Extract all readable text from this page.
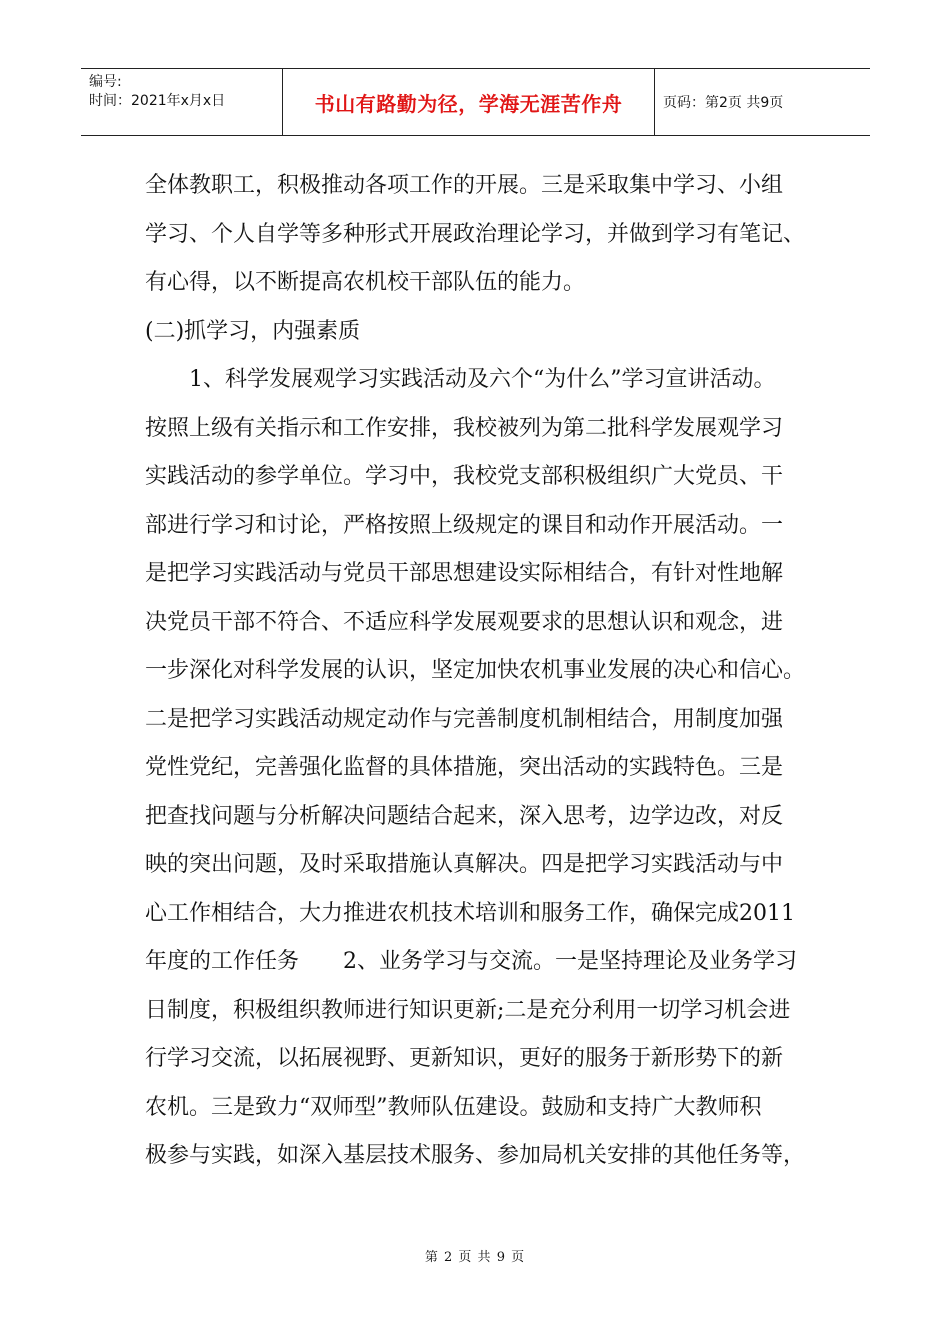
编号:
时间：2021年x月x日	书山有路勤为径，学海无涯苦作舟	页码：第2页 共9页
全体教职工，积极推动各项工作的开展。三是采取集中学习、小组
学习、个人自学等多种形式开展政治理论学习，并做到学习有笔记、
有心得，以不断提高农机校干部队伍的能力。
(二)抓学习，内强素质
　　1、科学发展观学习实践活动及六个“为什么”学习宣讲活动。
按照上级有关指示和工作安排，我校被列为第二批科学发展观学习
实践活动的参学单位。学习中，我校党支部积极组织广大党员、干
部进行学习和讨论，严格按照上级规定的课目和动作开展活动。一
是把学习实践活动与党员干部思想建设实际相结合，有针对性地解
决党员干部不符合、不适应科学发展观要求的思想认识和观念，进
一步深化对科学发展的认识，坚定加快农机事业发展的决心和信心。
二是把学习实践活动规定动作与完善制度机制相结合，用制度加强
党性党纪，完善强化监督的具体措施，突出活动的实践特色。三是
把查找问题与分析解决问题结合起来，深入思考，边学边改，对反
映的突出问题，及时采取措施认真解决。四是把学习实践活动与中
心工作相结合，大力推进农机技术培训和服务工作，确保完成2011
年度的工作任务　　2、业务学习与交流。一是坚持理论及业务学习
日制度，积极组织教师进行知识更新;二是充分利用一切学习机会进
行学习交流，以拓展视野、更新知识，更好的服务于新形势下的新
农机。三是致力“双师型”教师队伍建设。鼓励和支持广大教师积
极参与实践，如深入基层技术服务、参加局机关安排的其他任务等，
第 2 页 共 9 页
